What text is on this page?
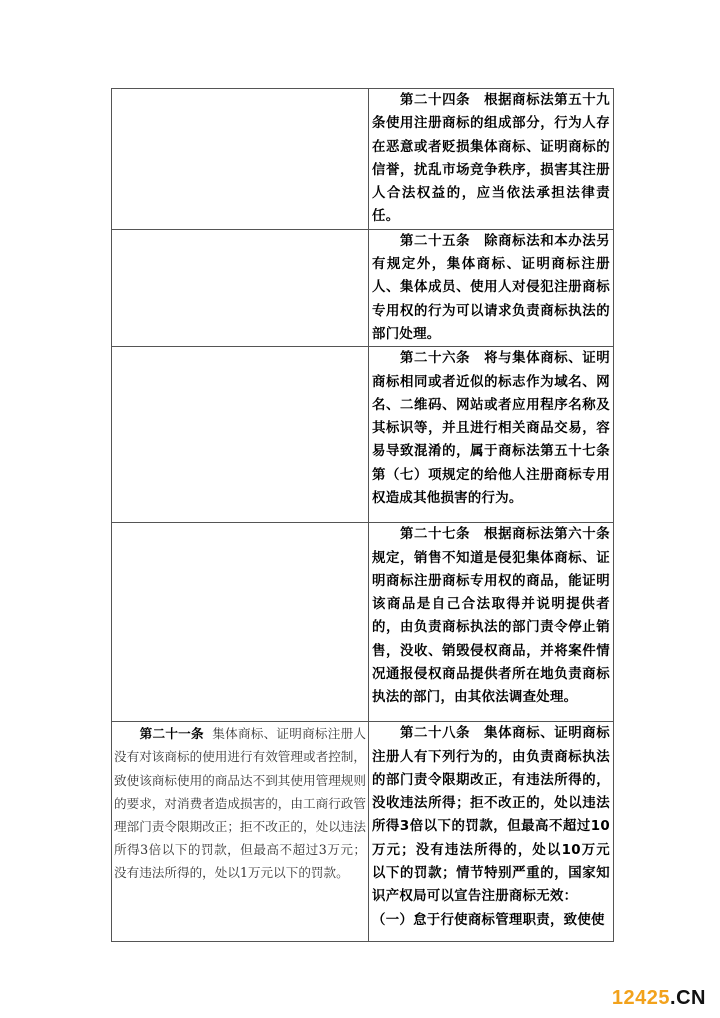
	　　第二十四条　根据商标法第五十九条使用注册商标的组成部分，行为人存在恶意或者贬损集体商标、证明商标的信誉，扰乱市场竞争秩序，损害其注册人合法权益的，应当依法承担法律责任。

	　　第二十五条　除商标法和本办法另有规定外，集体商标、证明商标注册人、集体成员、使用人对侵犯注册商标专用权的行为可以请求负责商标执法的部门处理。

	　　第二十六条　将与集体商标、证明商标相同或者近似的标志作为域名、网名、二维码、网站或者应用程序名称及其标识等，并且进行相关商品交易，容易导致混淆的，属于商标法第五十七条第（七）项规定的给他人注册商标专用权造成其他损害的行为。

	　　第二十七条　根据商标法第六十条规定，销售不知道是侵犯集体商标、证明商标注册商标专用权的商品，能证明该商品是自己合法取得并说明提供者的，由负责商标执法的部门责令停止销售，没收、销毁侵权商品，并将案件情况通报侵权商品提供者所在地负责商标执法的部门，由其依法调查处理。

　　第二十一条  集体商标、证明商标注册人没有对该商标的使用进行有效管理或者控制，致使该商标使用的商品达不到其使用管理规则的要求，对消费者造成损害的，由工商行政管理部门责令限期改正；拒不改正的，处以违法所得3倍以下的罚款，但最高不超过3万元；没有违法所得的，处以1万元以下的罚款。	　　第二十八条　集体商标、证明商标注册人有下列行为的，由负责商标执法的部门责令限期改正，有违法所得的，没收违法所得；拒不改正的，处以违法所得3倍以下的罚款，但最高不超过10万元；没有违法所得的，处以10万元以下的罚款；情节特别严重的，国家知识产权局可以宣告注册商标无效：
（一）怠于行使商标管理职责，致使使
12425.CN
